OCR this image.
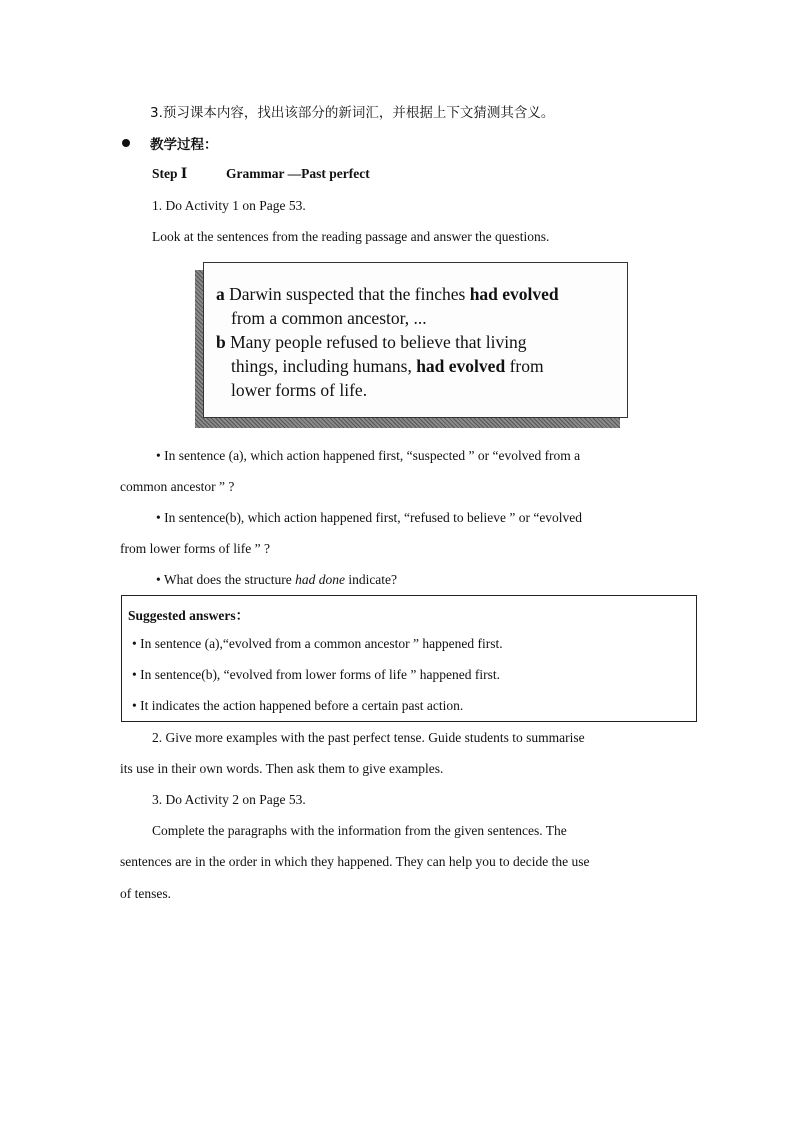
3.预习课本内容，找出该部分的新词汇，并根据上下文猜测其含义。
教学过程：
Step Ⅰ	Grammar —Past perfect
1. Do Activity 1 on Page 53.
Look at the sentences from the reading passage and answer the questions.
a Darwin suspected that the finches had evolved
from a common ancestor, ...
b Many people refused to believe that living
things, including humans, had evolved from
lower forms of life.
• In sentence (a), which action happened first, “suspected ” or “evolved from a
common ancestor ” ?
• In sentence(b), which action happened first, “refused to believe ” or “evolved
from lower forms of life ” ?
• What does the structure had done indicate?
Suggested answers：
• In sentence (a),“evolved from a common ancestor ” happened first.
• In sentence(b), “evolved from lower forms of life ” happened first.
• It indicates the action happened before a certain past action.
2. Give more examples with the past perfect tense. Guide students to summarise
its use in their own words. Then ask them to give examples.
3. Do Activity 2 on Page 53.
Complete the paragraphs with the information from the given sentences. The
sentences are in the order in which they happened. They can help you to decide the use
of tenses.
